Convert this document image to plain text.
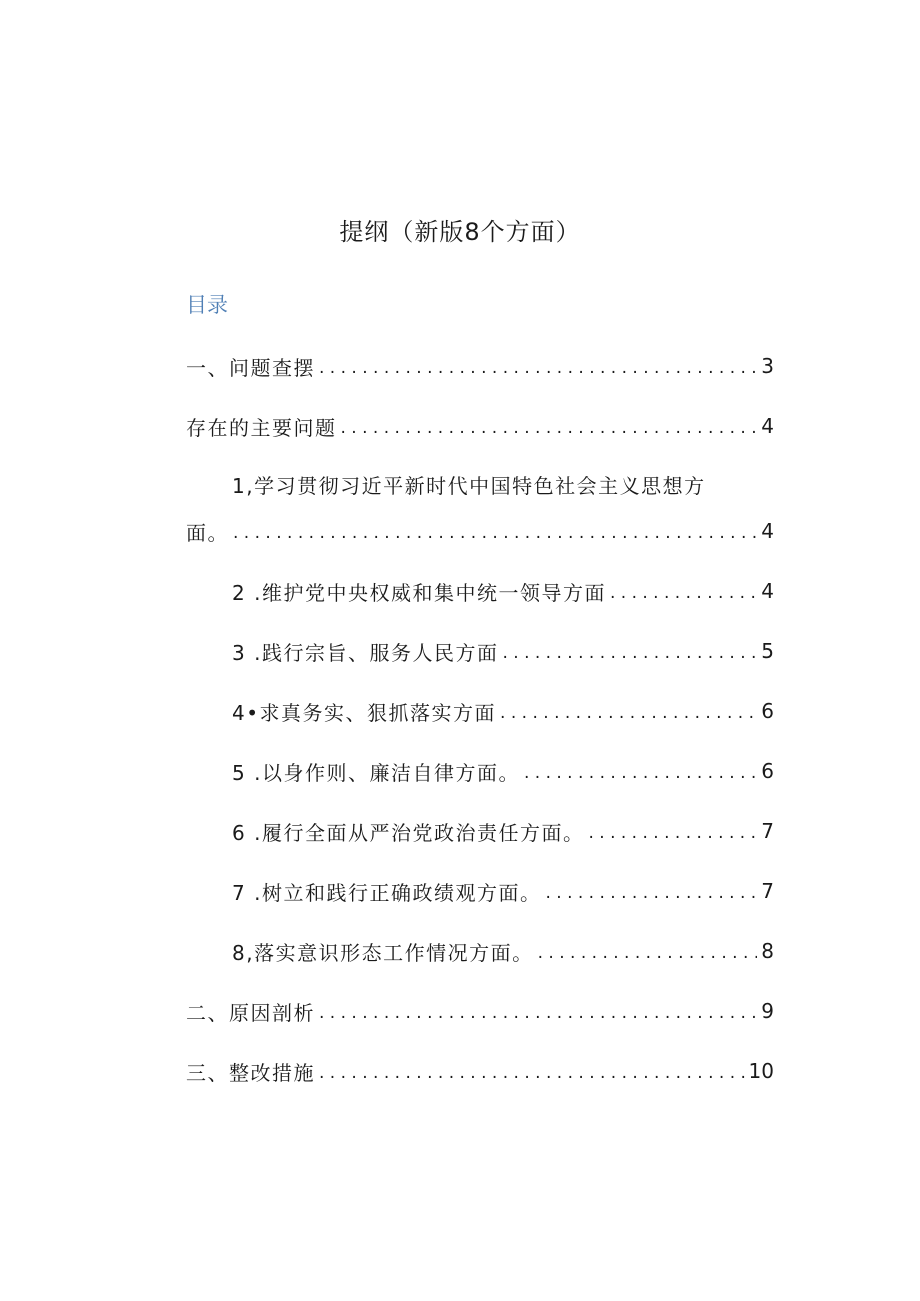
提纲（新版8个方面）
目录
一、问题查摆 . . .	3
存在的主要问题 . . .	4
1,学习贯彻习近平新时代中国特色社会主义思想方
面。 . . .	4
2 .维护党中央权威和集中统一领导方面 . . .	4
3 .践行宗旨、服务人民方面 . . .	5
4•求真务实、狠抓落实方面 . . .	6
5 .以身作则、廉洁自律方面。 . . .	6
6 .履行全面从严治党政治责任方面。 . . .	7
7 .树立和践行正确政绩观方面。 . . .	7
8,落实意识形态工作情况方面。 . . .	8
二、原因剖析 . . .	9
三、整改措施 . . .	10
